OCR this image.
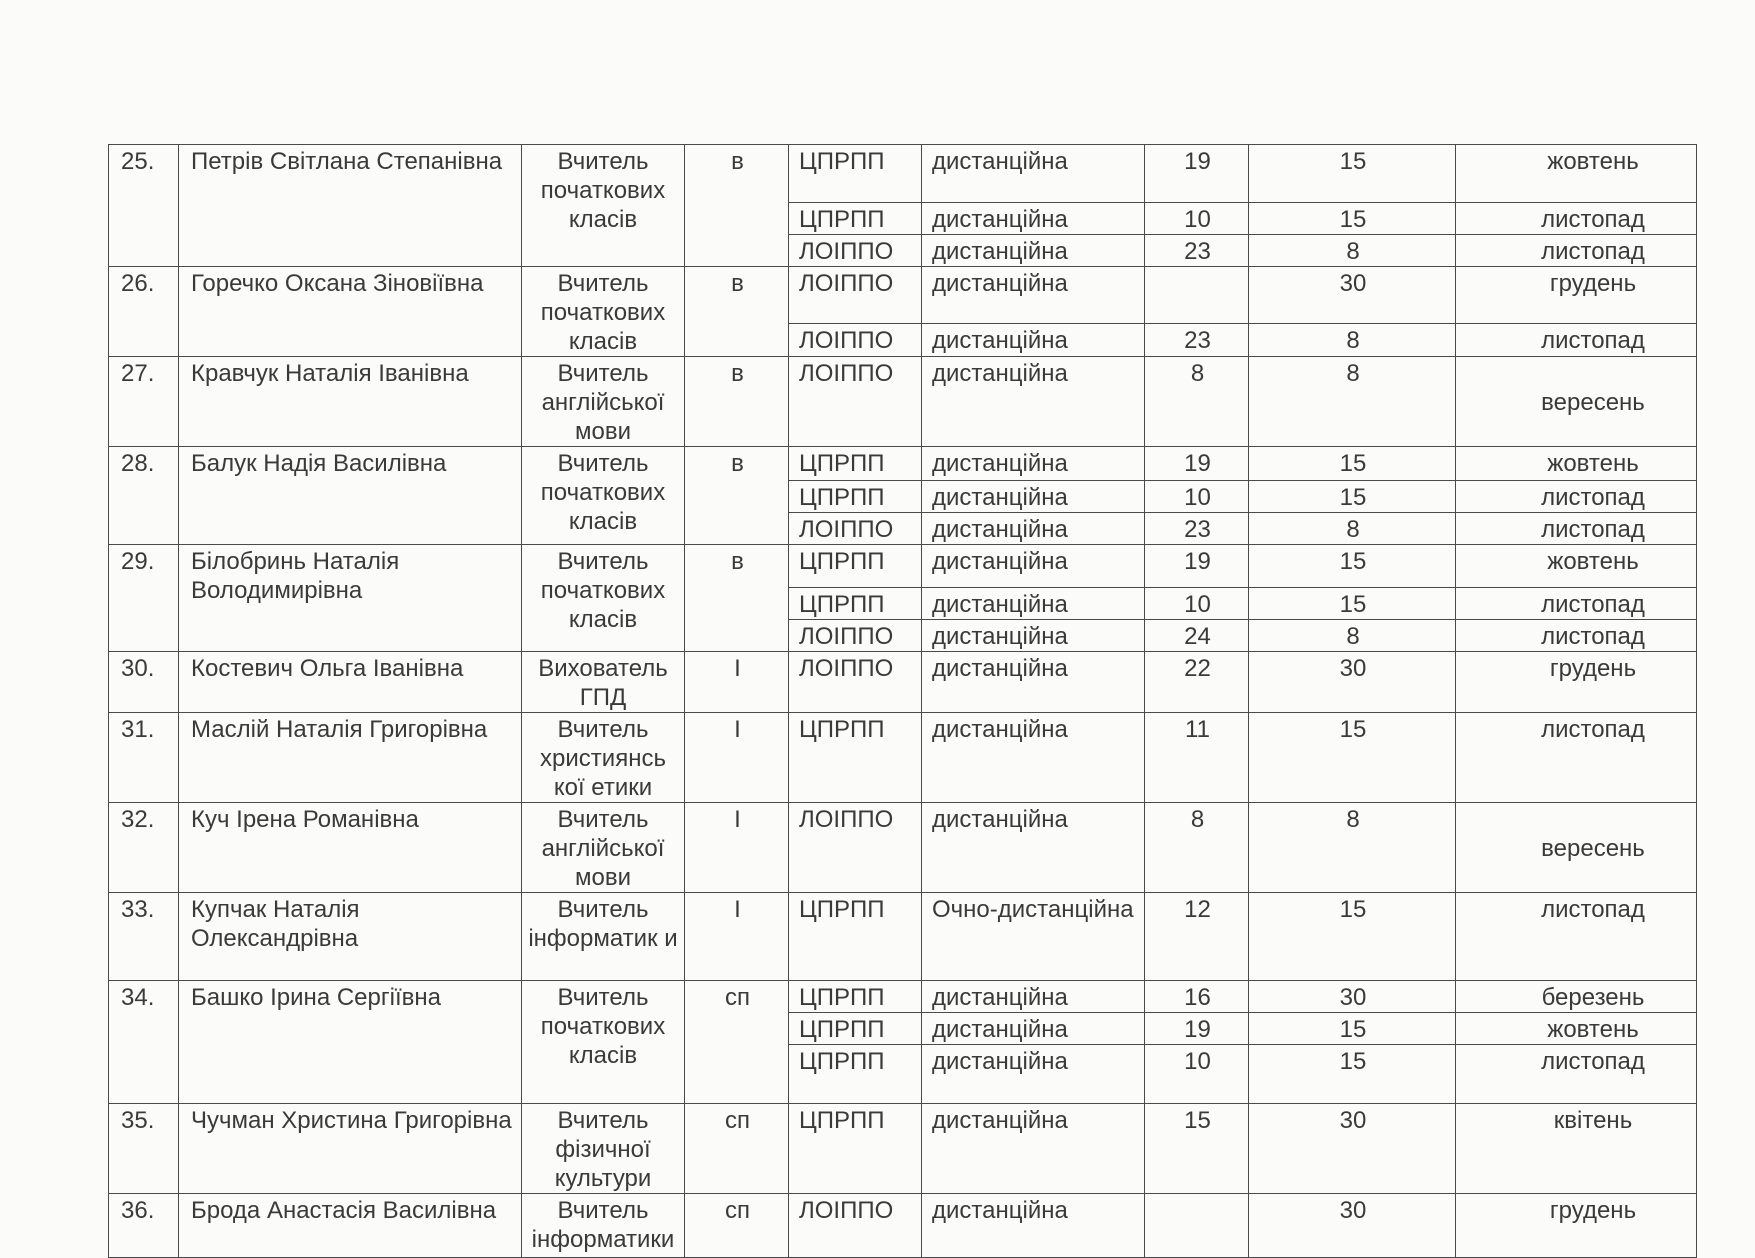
25.	Петрів Світлана Степанівна	Вчитель початкових класів	в	ЦПРПП	дистанційна	19	15	жовтень
				ЦПРПП	дистанційна	10	15	листопад
				ЛОІППО	дистанційна	23	8	листопад
26.	Горечко Оксана Зіновіївна	Вчитель початкових класів	в	ЛОІППО	дистанційна		30	грудень
				ЛОІППО	дистанційна	23	8	листопад
27.	Кравчук Наталія Іванівна	Вчитель англійської мови	в	ЛОІППО	дистанційна	8	8	вересень
28.	Балук Надія Василівна	Вчитель початкових класів	в	ЦПРПП	дистанційна	19	15	жовтень
				ЦПРПП	дистанційна	10	15	листопад
				ЛОІППО	дистанційна	23	8	листопад
29.	Білобринь Наталія Володимирівна	Вчитель початкових класів	в	ЦПРПП	дистанційна	19	15	жовтень
				ЦПРПП	дистанційна	10	15	листопад
				ЛОІППО	дистанційна	24	8	листопад
30.	Костевич Ольга Іванівна	Вихователь ГПД	І	ЛОІППО	дистанційна	22	30	грудень
31.	Маслій Наталія Григорівна	Вчитель християнсь кої етики	І	ЦПРПП	дистанційна	11	15	листопад
32.	Куч Ірена Романівна	Вчитель англійської мови	І	ЛОІППО	дистанційна	8	8	вересень
33.	Купчак Наталія Олександрівна	Вчитель інформатик и	І	ЦПРПП	Очно-дистанційна	12	15	листопад
34.	Башко Ірина Сергіївна	Вчитель початкових класів	сп	ЦПРПП	дистанційна	16	30	березень
				ЦПРПП	дистанційна	19	15	жовтень
				ЦПРПП	дистанційна	10	15	листопад
35.	Чучман Христина Григорівна	Вчитель фізичної культури	сп	ЦПРПП	дистанційна	15	30	квітень
36.	Брода Анастасія Василівна	Вчитель інформатики	сп	ЛОІППО	дистанційна		30	грудень
